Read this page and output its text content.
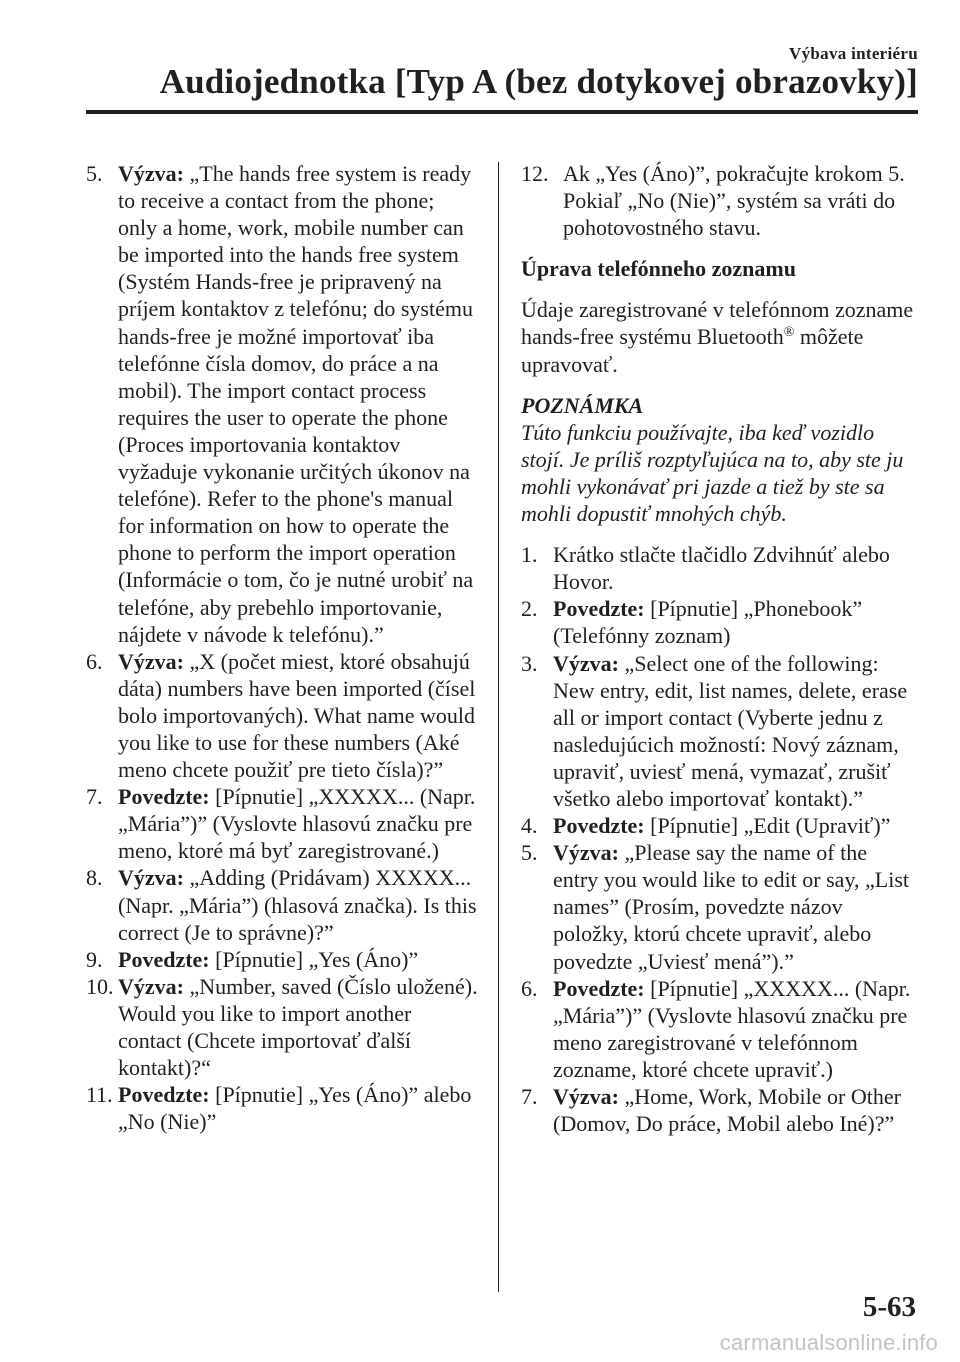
Výbava interiéru
Audiojednotka [Typ A (bez dotykovej obrazovky)]
5. Výzva: „The hands free system is ready to receive a contact from the phone; only a home, work, mobile number can be imported into the hands free system (Systém Hands-free je pripravený na príjem kontaktov z telefónu; do systému hands-free je možné importovať iba telefónne čísla domov, do práce a na mobil). The import contact process requires the user to operate the phone (Proces importovania kontaktov vyžaduje vykonanie určitých úkonov na telefóne). Refer to the phone's manual for information on how to operate the phone to perform the import operation (Informácie o tom, čo je nutné urobiť na telefóne, aby prebehlo importovanie, nájdete v návode k telefónu).”
6. Výzva: „X (počet miest, ktoré obsahujú dáta) numbers have been imported (čísel bolo importovaných). What name would you like to use for these numbers (Aké meno chcete použiť pre tieto čísla)?”
7. Povedzte: [Pípnutie] „XXXXX... (Napr. „Mária”)” (Vyslovte hlasovú značku pre meno, ktoré má byť zaregistrované.)
8. Výzva: „Adding (Pridávam) XXXXX... (Napr. „Mária”) (hlasová značka). Is this correct (Je to správne)?”
9. Povedzte: [Pípnutie] „Yes (Áno)”
10. Výzva: „Number, saved (Číslo uložené). Would you like to import another contact (Chcete importovať ďalší kontakt)?“
11. Povedzte: [Pípnutie] „Yes (Áno)” alebo „No (Nie)”
12. Ak „Yes (Áno)”, pokračujte krokom 5. Pokiaľ „No (Nie)”, systém sa vráti do pohotovostného stavu.

Úprava telefónneho zoznamu

Údaje zaregistrované v telefónnom zozname hands-free systému Bluetooth® môžete upravovať.

POZNÁMKA

Túto funkciu používajte, iba keď vozidlo stojí. Je príliš rozptyľujúca na to, aby ste ju mohli vykonávať pri jazde a tiež by ste sa mohli dopustiť mnohých chýb.

1. Krátko stlačte tlačidlo Zdvihnúť alebo Hovor.
2. Povedzte: [Pípnutie] „Phonebook” (Telefónny zoznam)
3. Výzva: „Select one of the following: New entry, edit, list names, delete, erase all or import contact (Vyberte jednu z nasledujúcich možností: Nový záznam, upraviť, uviesť mená, vymazať, zrušiť všetko alebo importovať kontakt).”
4. Povedzte: [Pípnutie] „Edit (Upraviť)”
5. Výzva: „Please say the name of the entry you would like to edit or say, „List names” (Prosím, povedzte názov položky, ktorú chcete upraviť, alebo povedzte „Uviesť mená”).”
6. Povedzte: [Pípnutie] „XXXXX... (Napr. „Mária”)” (Vyslovte hlasovú značku pre meno zaregistrované v telefónnom zozname, ktoré chcete upraviť.)
7. Výzva: „Home, Work, Mobile or Other (Domov, Do práce, Mobil alebo Iné)?”
5-63
carmanualsonline.info
